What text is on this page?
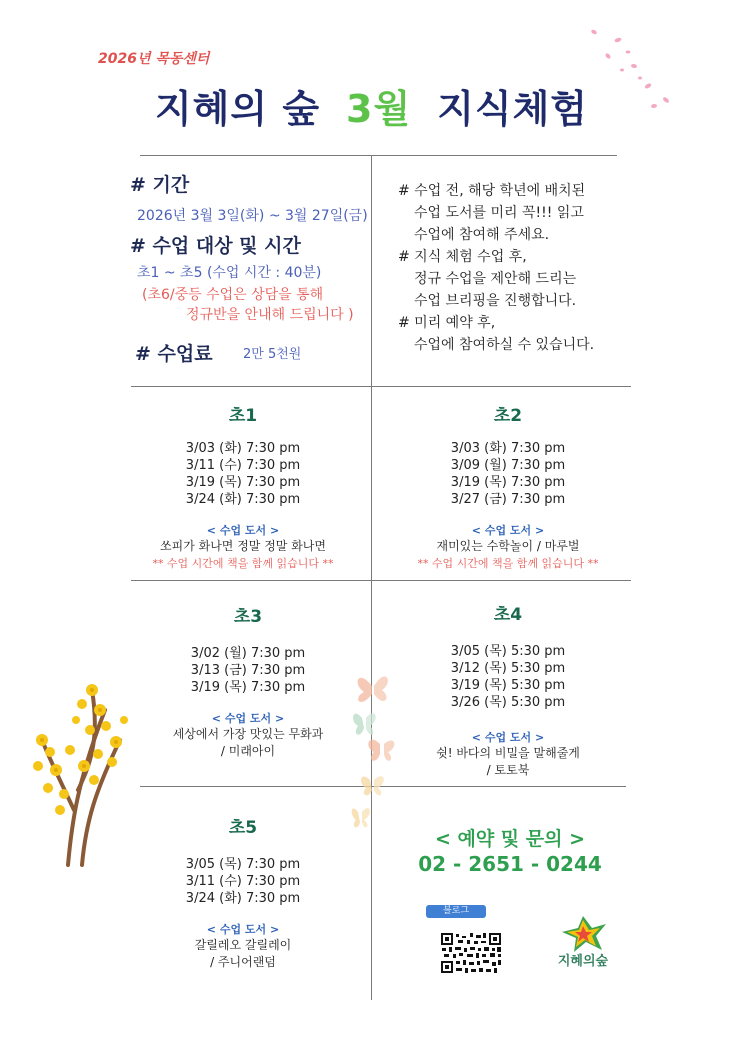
2026년 목동센터
지혜의 숲 3월 지식체험
# 기간
2026년 3월 3일(화) ~ 3월 27일(금)
# 수업 대상 및 시간
초1 ~ 초5 (수업 시간 : 40분)
(초6/중등 수업은 상담을 통해
정규반을 안내해 드립니다 )
# 수업료 2만 5천원
# 수업 전, 해당 학년에 배치된
수업 도서를 미리 꼭!!! 읽고
수업에 참여해 주세요.
# 지식 체험 수업 후,
정규 수업을 제안해 드리는
수업 브리핑을 진행합니다.
# 미리 예약 후,
수업에 참여하실 수 있습니다.
초1
3/03 (화) 7:30 pm
3/11 (수) 7:30 pm
3/19 (목) 7:30 pm
3/24 (화) 7:30 pm
< 수업 도서 >
쏘피가 화나면 정말 정말 화나면
** 수업 시간에 책을 함께 읽습니다 **
초2
3/03 (화) 7:30 pm
3/09 (월) 7:30 pm
3/19 (목) 7:30 pm
3/27 (금) 7:30 pm
< 수업 도서 >
재미있는 수학놀이 / 마루벌
** 수업 시간에 책을 함께 읽습니다 **
초3
3/02 (월) 7:30 pm
3/13 (금) 7:30 pm
3/19 (목) 7:30 pm
< 수업 도서 >
세상에서 가장 맛있는 무화과
/ 미래아이
초4
3/05 (목) 5:30 pm
3/12 (목) 5:30 pm
3/19 (목) 5:30 pm
3/26 (목) 5:30 pm
< 수업 도서 >
쉿! 바다의 비밀을 말해줄게
/ 토토북
초5
3/05 (목) 7:30 pm
3/11 (수) 7:30 pm
3/24 (화) 7:30 pm
< 수업 도서 >
갈릴레오 갈릴레이
/ 주니어랜덤
< 예약 및 문의 >
02 - 2651 - 0244
블로그
지혜의숲
